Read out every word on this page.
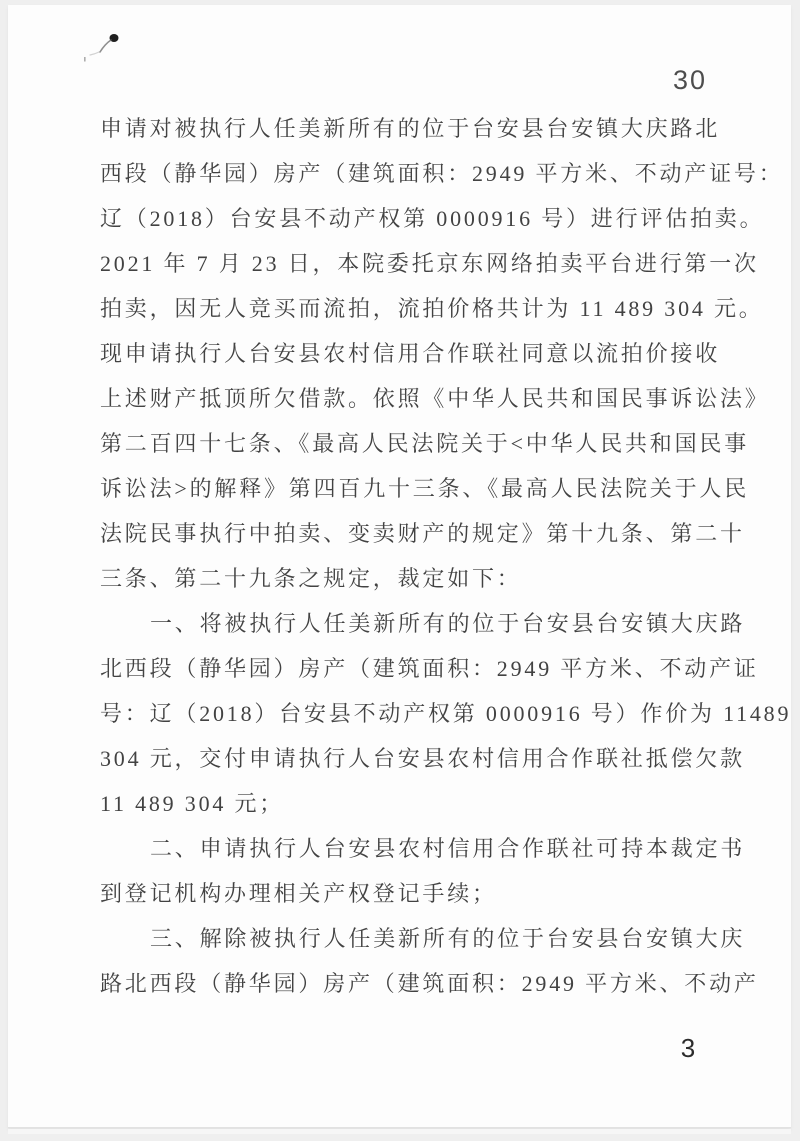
30
申请对被执行人任美新所有的位于台安县台安镇大庆路北
西段（静华园）房产（建筑面积：2949 平方米、不动产证号：
辽（2018）台安县不动产权第 0000916 号）进行评估拍卖。
2021 年 7 月 23 日，本院委托京东网络拍卖平台进行第一次
拍卖，因无人竞买而流拍，流拍价格共计为 11 489 304 元。
现申请执行人台安县农村信用合作联社同意以流拍价接收
上述财产抵顶所欠借款。依照《中华人民共和国民事诉讼法》
第二百四十七条、《最高人民法院关于<中华人民共和国民事
诉讼法>的解释》第四百九十三条、《最高人民法院关于人民
法院民事执行中拍卖、变卖财产的规定》第十九条、第二十
三条、第二十九条之规定，裁定如下：
一、将被执行人任美新所有的位于台安县台安镇大庆路
北西段（静华园）房产（建筑面积：2949 平方米、不动产证
号：辽（2018）台安县不动产权第 0000916 号）作价为 11489
304 元，交付申请执行人台安县农村信用合作联社抵偿欠款
11 489 304 元；
二、申请执行人台安县农村信用合作联社可持本裁定书
到登记机构办理相关产权登记手续；
三、解除被执行人任美新所有的位于台安县台安镇大庆
路北西段（静华园）房产（建筑面积：2949 平方米、不动产
3
